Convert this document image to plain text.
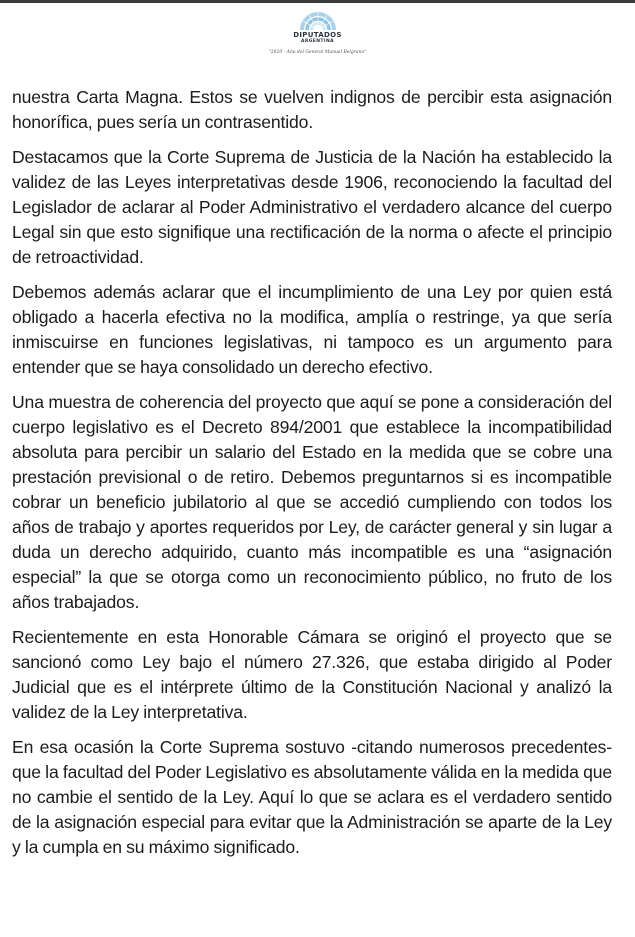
DIPUTADOS
ARGENTINA
"2020 - Año del General Manuel Belgrano"

nuestra Carta Magna. Estos se vuelven indignos de percibir esta asignación honorífica, pues sería un contrasentido.

Destacamos que la Corte Suprema de Justicia de la Nación ha establecido la validez de las Leyes interpretativas desde 1906, reconociendo la facultad del Legislador de aclarar al Poder Administrativo el verdadero alcance del cuerpo Legal sin que esto signifique una rectificación de la norma o afecte el principio de retroactividad.

Debemos además aclarar que el incumplimiento de una Ley por quien está obligado a hacerla efectiva no la modifica, amplía o restringe, ya que sería inmiscuirse en funciones legislativas, ni tampoco es un argumento para entender que se haya consolidado un derecho efectivo.

Una muestra de coherencia del proyecto que aquí se pone a consideración del cuerpo legislativo es el Decreto 894/2001 que establece la incompatibilidad absoluta para percibir un salario del Estado en la medida que se cobre una prestación previsional o de retiro. Debemos preguntarnos si es incompatible cobrar un beneficio jubilatorio al que se accedió cumpliendo con todos los años de trabajo y aportes requeridos por Ley, de carácter general y sin lugar a duda un derecho adquirido, cuanto más incompatible es una “asignación especial” la que se otorga como un reconocimiento público, no fruto de los años trabajados.

Recientemente en esta Honorable Cámara se originó el proyecto que se sancionó como Ley bajo el número 27.326, que estaba dirigido al Poder Judicial que es el intérprete último de la Constitución Nacional y analizó la validez de la Ley interpretativa.

En esa ocasión la Corte Suprema sostuvo -citando numerosos precedentes- que la facultad del Poder Legislativo es absolutamente válida en la medida que no cambie el sentido de la Ley. Aquí lo que se aclara es el verdadero sentido de la asignación especial para evitar que la Administración se aparte de la Ley y la cumpla en su máximo significado.
